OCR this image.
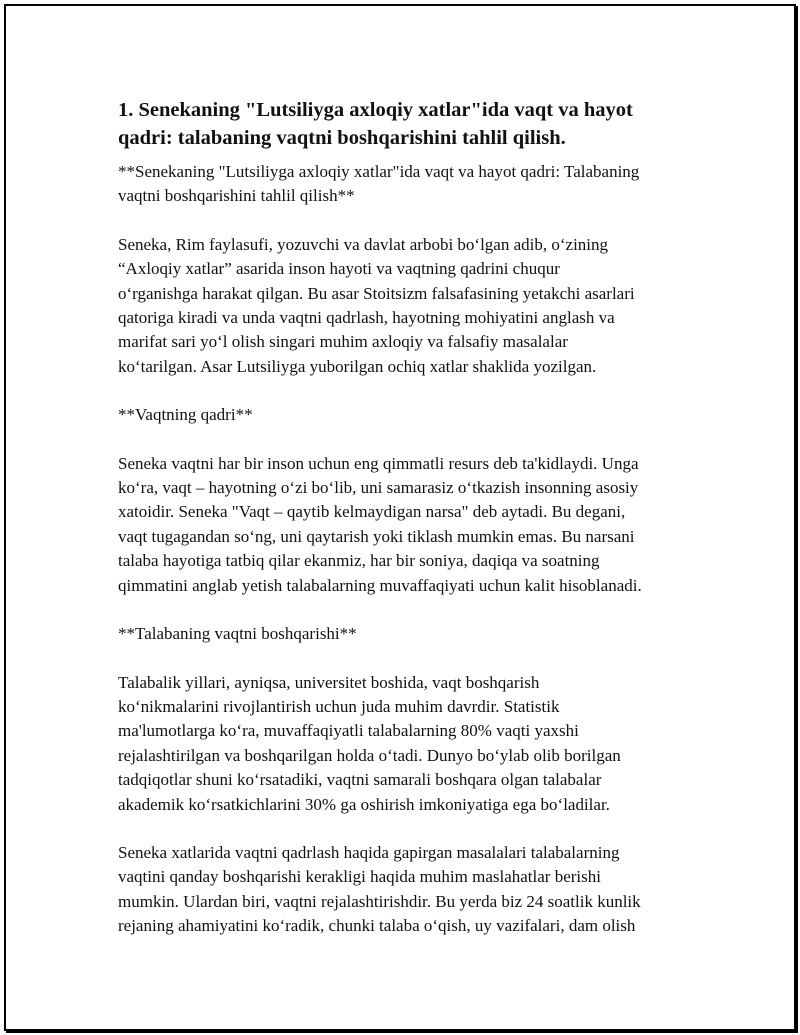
1. Senekaning "Lutsiliyga axloqiy xatlar"ida vaqt va hayot
qadri: talabaning vaqtni boshqarishini tahlil qilish.

**Senekaning "Lutsiliyga axloqiy xatlar"ida vaqt va hayot qadri: Talabaning
vaqtni boshqarishini tahlil qilish**

Seneka, Rim faylasufi, yozuvchi va davlat arbobi bo‘lgan adib, o‘zining
“Axloqiy xatlar” asarida inson hayoti va vaqtning qadrini chuqur
o‘rganishga harakat qilgan. Bu asar Stoitsizm falsafasining yetakchi asarlari
qatoriga kiradi va unda vaqtni qadrlash, hayotning mohiyatini anglash va
marifat sari yo‘l olish singari muhim axloqiy va falsafiy masalalar
ko‘tarilgan. Asar Lutsiliyga yuborilgan ochiq xatlar shaklida yozilgan.

**Vaqtning qadri**

Seneka vaqtni har bir inson uchun eng qimmatli resurs deb ta'kidlaydi. Unga
ko‘ra, vaqt – hayotning o‘zi bo‘lib, uni samarasiz o‘tkazish insonning asosiy
xatoidir. Seneka "Vaqt – qaytib kelmaydigan narsa" deb aytadi. Bu degani,
vaqt tugagandan so‘ng, uni qaytarish yoki tiklash mumkin emas. Bu narsani
talaba hayotiga tatbiq qilar ekanmiz, har bir soniya, daqiqa va soatning
qimmatini anglab yetish talabalarning muvaffaqiyati uchun kalit hisoblanadi.

**Talabaning vaqtni boshqarishi**

Talabalik yillari, ayniqsa, universitet boshida, vaqt boshqarish
ko‘nikmalarini rivojlantirish uchun juda muhim davrdir. Statistik
ma'lumotlarga ko‘ra, muvaffaqiyatli talabalarning 80% vaqti yaxshi
rejalashtirilgan va boshqarilgan holda o‘tadi. Dunyo bo‘ylab olib borilgan
tadqiqotlar shuni ko‘rsatadiki, vaqtni samarali boshqara olgan talabalar
akademik ko‘rsatkichlarini 30% ga oshirish imkoniyatiga ega bo‘ladilar.

Seneka xatlarida vaqtni qadrlash haqida gapirgan masalalari talabalarning
vaqtini qanday boshqarishi kerakligi haqida muhim maslahatlar berishi
mumkin. Ulardan biri, vaqtni rejalashtirishdir. Bu yerda biz 24 soatlik kunlik
rejaning ahamiyatini ko‘radik, chunki talaba o‘qish, uy vazifalari, dam olish
